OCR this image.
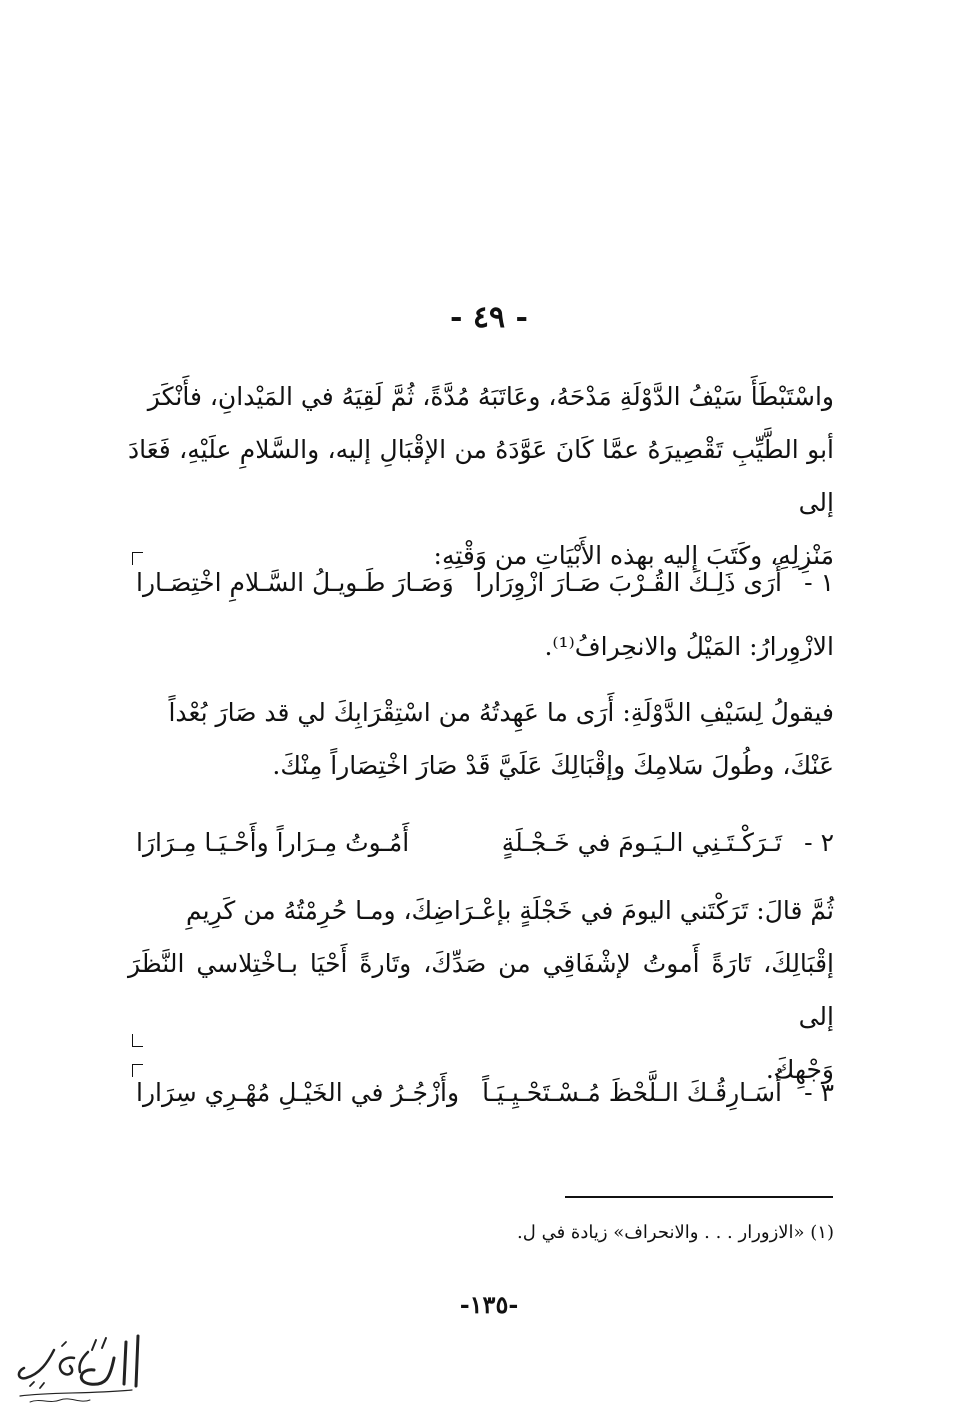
- ٤٩ -
واسْتَبْطَأَ سَيْفُ الدَّوْلَةِ مَدْحَهُ، وعَاتَبَهُ مُدَّةً، ثُمَّ لَقِيَهُ في المَيْدانِ، فأَنْكَرَ
أبو الطَّيِّبِ تَقْصِيرَهُ عمَّا كَانَ عَوَّدَهُ من الإقْبَالِ إليه، والسَّلامِ علَيْهِ، فَعَادَ إلى
مَنْزِلِهِ، وكَتَبَ إليه بهذه الأَبْيَاتِ من وَقْتِهِ:
١ -
أَرَى ذَلِـكَ القُـرْبَ صَـارَ ازْوِرَارا
وَصَـارَ طَـويـلُ السَّـلامِ اخْتِصَـارا
الازْوِرارُ: المَيْلُ والانحِرافُ⁽¹⁾.
فيقولُ لِسَيْفِ الدَّوْلَةِ: أَرَى ما عَهِدتُهُ من اسْتِقْرَابِكَ لي قد صَارَ بُعْداً
عَنْكَ، وطُولَ سَلامِكَ وإقْبَالِكَ عَلَيَّ قَدْ صَارَ اخْتِصَاراً مِنْكَ.
٢ -
تَـرَكْـتَـنِي الـيَـومَ في خَـجْـلَةٍ
أَمُـوتُ مِـرَاراً وأَحْـيَـا مِـرَارَا
ثُمَّ قالَ: تَرَكْتَني اليومَ في خَجْلَةٍ بإعْـرَاضِكَ، ومـا حُرِمْتُهُ من كَرِيمِ
إقْبَالِكَ، تَارَةً أَموتُ لإشْفَاقِي من صَدِّكَ، وتَارةً أَحْيَا بـاخْتِلاسي النَّظَرَ إلى
وَجْهِكَ.
٣ -
أُسَـارِقُـكَ الـلَّحْظَ مُـسْـتَحْـيِـيَـاً
وأَزْجُـرُ في الخَيْـلِ مُهْـرِي سِرَارا
(١) «الازورار . . . والانحراف» زيادة في ل.
-١٣٥-
